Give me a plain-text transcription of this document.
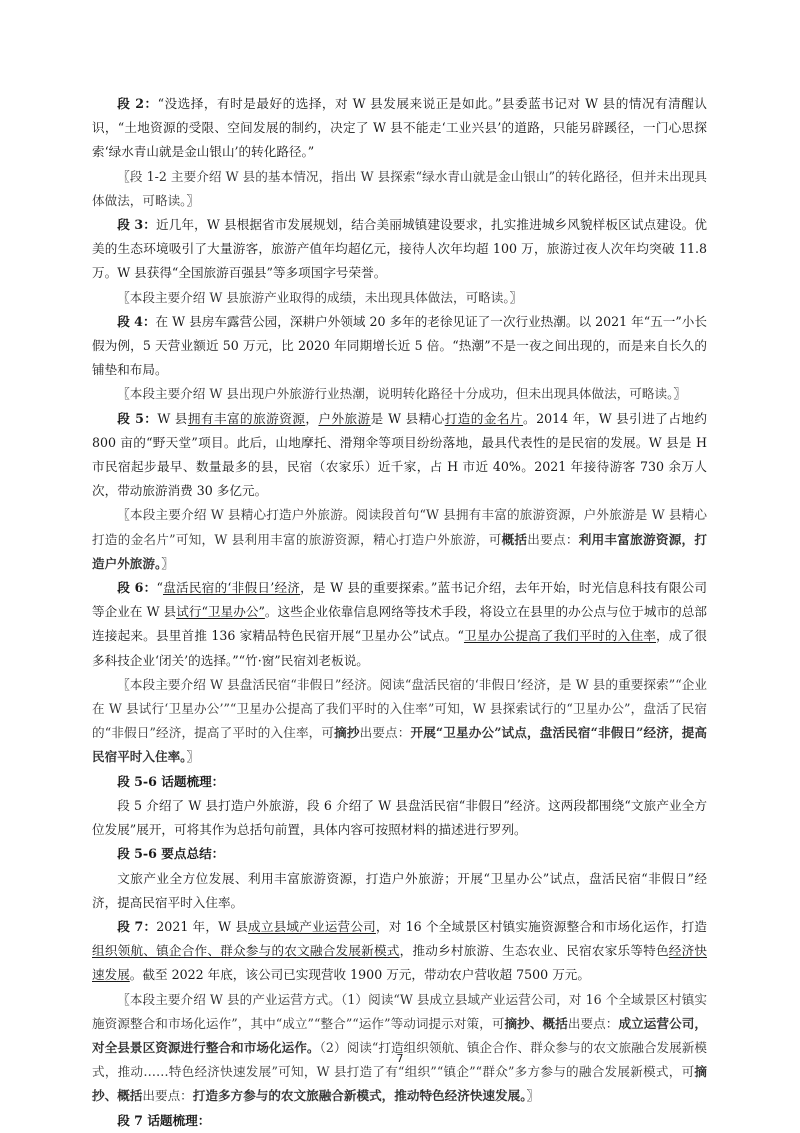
段 2：“没选择，有时是最好的选择，对 W 县发展来说正是如此。”县委蓝书记对 W 县的情况有清醒认识，“土地资源的受限、空间发展的制约，决定了 W 县不能走‘工业兴县’的道路，只能另辟蹊径，一门心思探索‘绿水青山就是金山银山’的转化路径。”

〖段 1-2 主要介绍 W 县的基本情况，指出 W 县探索“绿水青山就是金山银山”的转化路径，但并未出现具体做法，可略读。〗

段 3：近几年，W 县根据省市发展规划，结合美丽城镇建设要求，扎实推进城乡风貌样板区试点建设。优美的生态环境吸引了大量游客，旅游产值年均超亿元，接待人次年均超 100 万，旅游过夜人次年均突破 11.8 万。W 县获得“全国旅游百强县”等多项国字号荣誉。

〖本段主要介绍 W 县旅游产业取得的成绩，未出现具体做法，可略读。〗

段 4：在 W 县房车露营公园，深耕户外领域 20 多年的老徐见证了一次行业热潮。以 2021 年“五一”小长假为例，5 天营业额近 50 万元，比 2020 年同期增长近 5 倍。“热潮”不是一夜之间出现的，而是来自长久的铺垫和布局。

〖本段主要介绍 W 县出现户外旅游行业热潮，说明转化路径十分成功，但未出现具体做法，可略读。〗

段 5：W 县拥有丰富的旅游资源，户外旅游是 W 县精心打造的金名片。2014 年，W 县引进了占地约 800 亩的“野天堂”项目。此后，山地摩托、滑翔伞等项目纷纷落地，最具代表性的是民宿的发展。W 县是 H 市民宿起步最早、数量最多的县，民宿（农家乐）近千家，占 H 市近 40%。2021 年接待游客 730 余万人次，带动旅游消费 30 多亿元。

〖本段主要介绍 W 县精心打造户外旅游。阅读段首句“W 县拥有丰富的旅游资源，户外旅游是 W 县精心打造的金名片”可知，W 县利用丰富的旅游资源，精心打造户外旅游，可概括出要点：利用丰富旅游资源，打造户外旅游。〗

段 6：“盘活民宿的‘非假日’经济，是 W 县的重要探索。”蓝书记介绍，去年开始，时光信息科技有限公司等企业在 W 县试行“卫星办公”。这些企业依靠信息网络等技术手段，将设立在县里的办公点与位于城市的总部连接起来。县里首推 136 家精品特色民宿开展“卫星办公”试点。“卫星办公提高了我们平时的入住率，成了很多科技企业‘闭关’的选择。”“竹·窗”民宿刘老板说。

〖本段主要介绍 W 县盘活民宿“非假日”经济。阅读“盘活民宿的‘非假日’经济，是 W 县的重要探索”“企业在 W 县试行‘卫星办公’”“卫星办公提高了我们平时的入住率”可知，W 县探索试行的“卫星办公”，盘活了民宿的“非假日”经济，提高了平时的入住率，可摘抄出要点：开展“卫星办公”试点，盘活民宿“非假日”经济，提高民宿平时入住率。〗

段 5-6 话题梳理：

段 5 介绍了 W 县打造户外旅游，段 6 介绍了 W 县盘活民宿“非假日”经济。这两段都围绕“文旅产业全方位发展”展开，可将其作为总括句前置，具体内容可按照材料的描述进行罗列。

段 5-6 要点总结：

文旅产业全方位发展、利用丰富旅游资源，打造户外旅游；开展“卫星办公”试点，盘活民宿“非假日”经济，提高民宿平时入住率。

段 7：2021 年，W 县成立县域产业运营公司，对 16 个全域景区村镇实施资源整合和市场化运作，打造组织领航、镇企合作、群众参与的农文融合发展新模式，推动乡村旅游、生态农业、民宿农家乐等特色经济快速发展。截至 2022 年底，该公司已实现营收 1900 万元，带动农户营收超 7500 万元。

〖本段主要介绍 W 县的产业运营方式。（1）阅读“W 县成立县域产业运营公司，对 16 个全域景区村镇实施资源整合和市场化运作”，其中“成立”“整合”“运作”等动词提示对策，可摘抄、概括出要点：成立运营公司，对全县景区资源进行整合和市场化运作。（2）阅读“打造组织领航、镇企合作、群众参与的农文旅融合发展新模式，推动……特色经济快速发展”可知，W 县打造了有“组织”“镇企”“群众”多方参与的融合发展新模式，可摘抄、概括出要点：打造多方参与的农文旅融合新模式，推动特色经济快速发展。〗

段 7 话题梳理：

7
